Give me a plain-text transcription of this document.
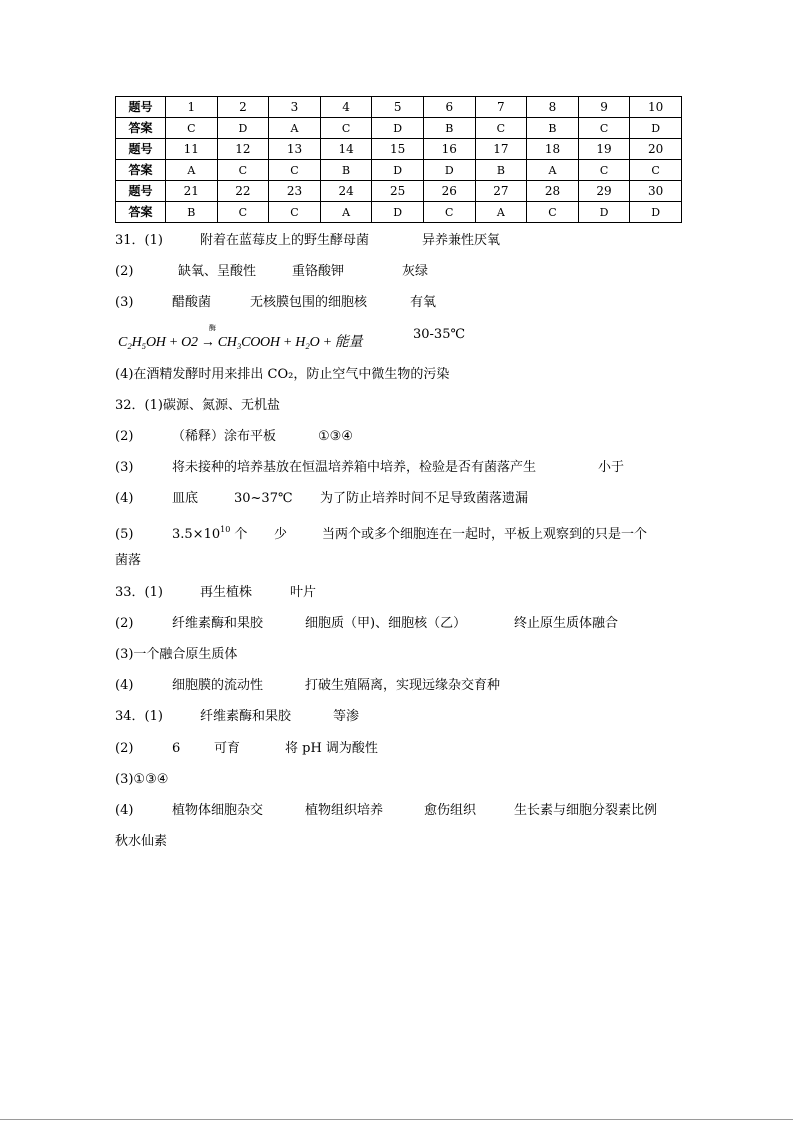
题号	1	2	3	4	5	6	7	8	9	10
答案	C	D	A	C	D	B	C	B	C	D
题号	11	12	13	14	15	16	17	18	19	20
答案	A	C	C	B	D	D	B	A	C	C
题号	21	22	23	24	25	26	27	28	29	30
答案	B	C	C	A	D	C	A	C	D	D
31．(1)	附着在蓝莓皮上的野生酵母菌	异养兼性厌氧
(2)	缺氧、呈酸性	重铬酸钾	灰绿
(3)	醋酸菌	无核膜包围的细胞核	有氧
酶
C₂H₅OH + O2 → CH₃COOH + H₂O + 能量
30-35℃
(4)在酒精发酵时用来排出 CO₂，防止空气中微生物的污染
32．(1)碳源、氮源、无机盐
(2)	（稀释）涂布平板	①③④
(3)	将未接种的培养基放在恒温培养箱中培养，检验是否有菌落产生	小于
(4)	皿底	30~37℃ 为了防止培养时间不足导致菌落遗漏
(5)	$3.5\times 10^{10}$ 个 少	当两个或多个细胞连在一起时，平板上观察到的只是一个
菌落
33．(1)	再生植株	叶片
(2)	纤维素酶和果胶	细胞质（甲)、细胞核（乙）	终止原生质体融合
(3)一个融合原生质体
(4)	细胞膜的流动性	打破生殖隔离，实现远缘杂交育种
34．(1)	纤维素酶和果胶	等渗
(2)	6	可育	将 pH 调为酸性
(3)①③④
(4)	植物体细胞杂交	植物组织培养	愈伤组织	生长素与细胞分裂素比例
秋水仙素
